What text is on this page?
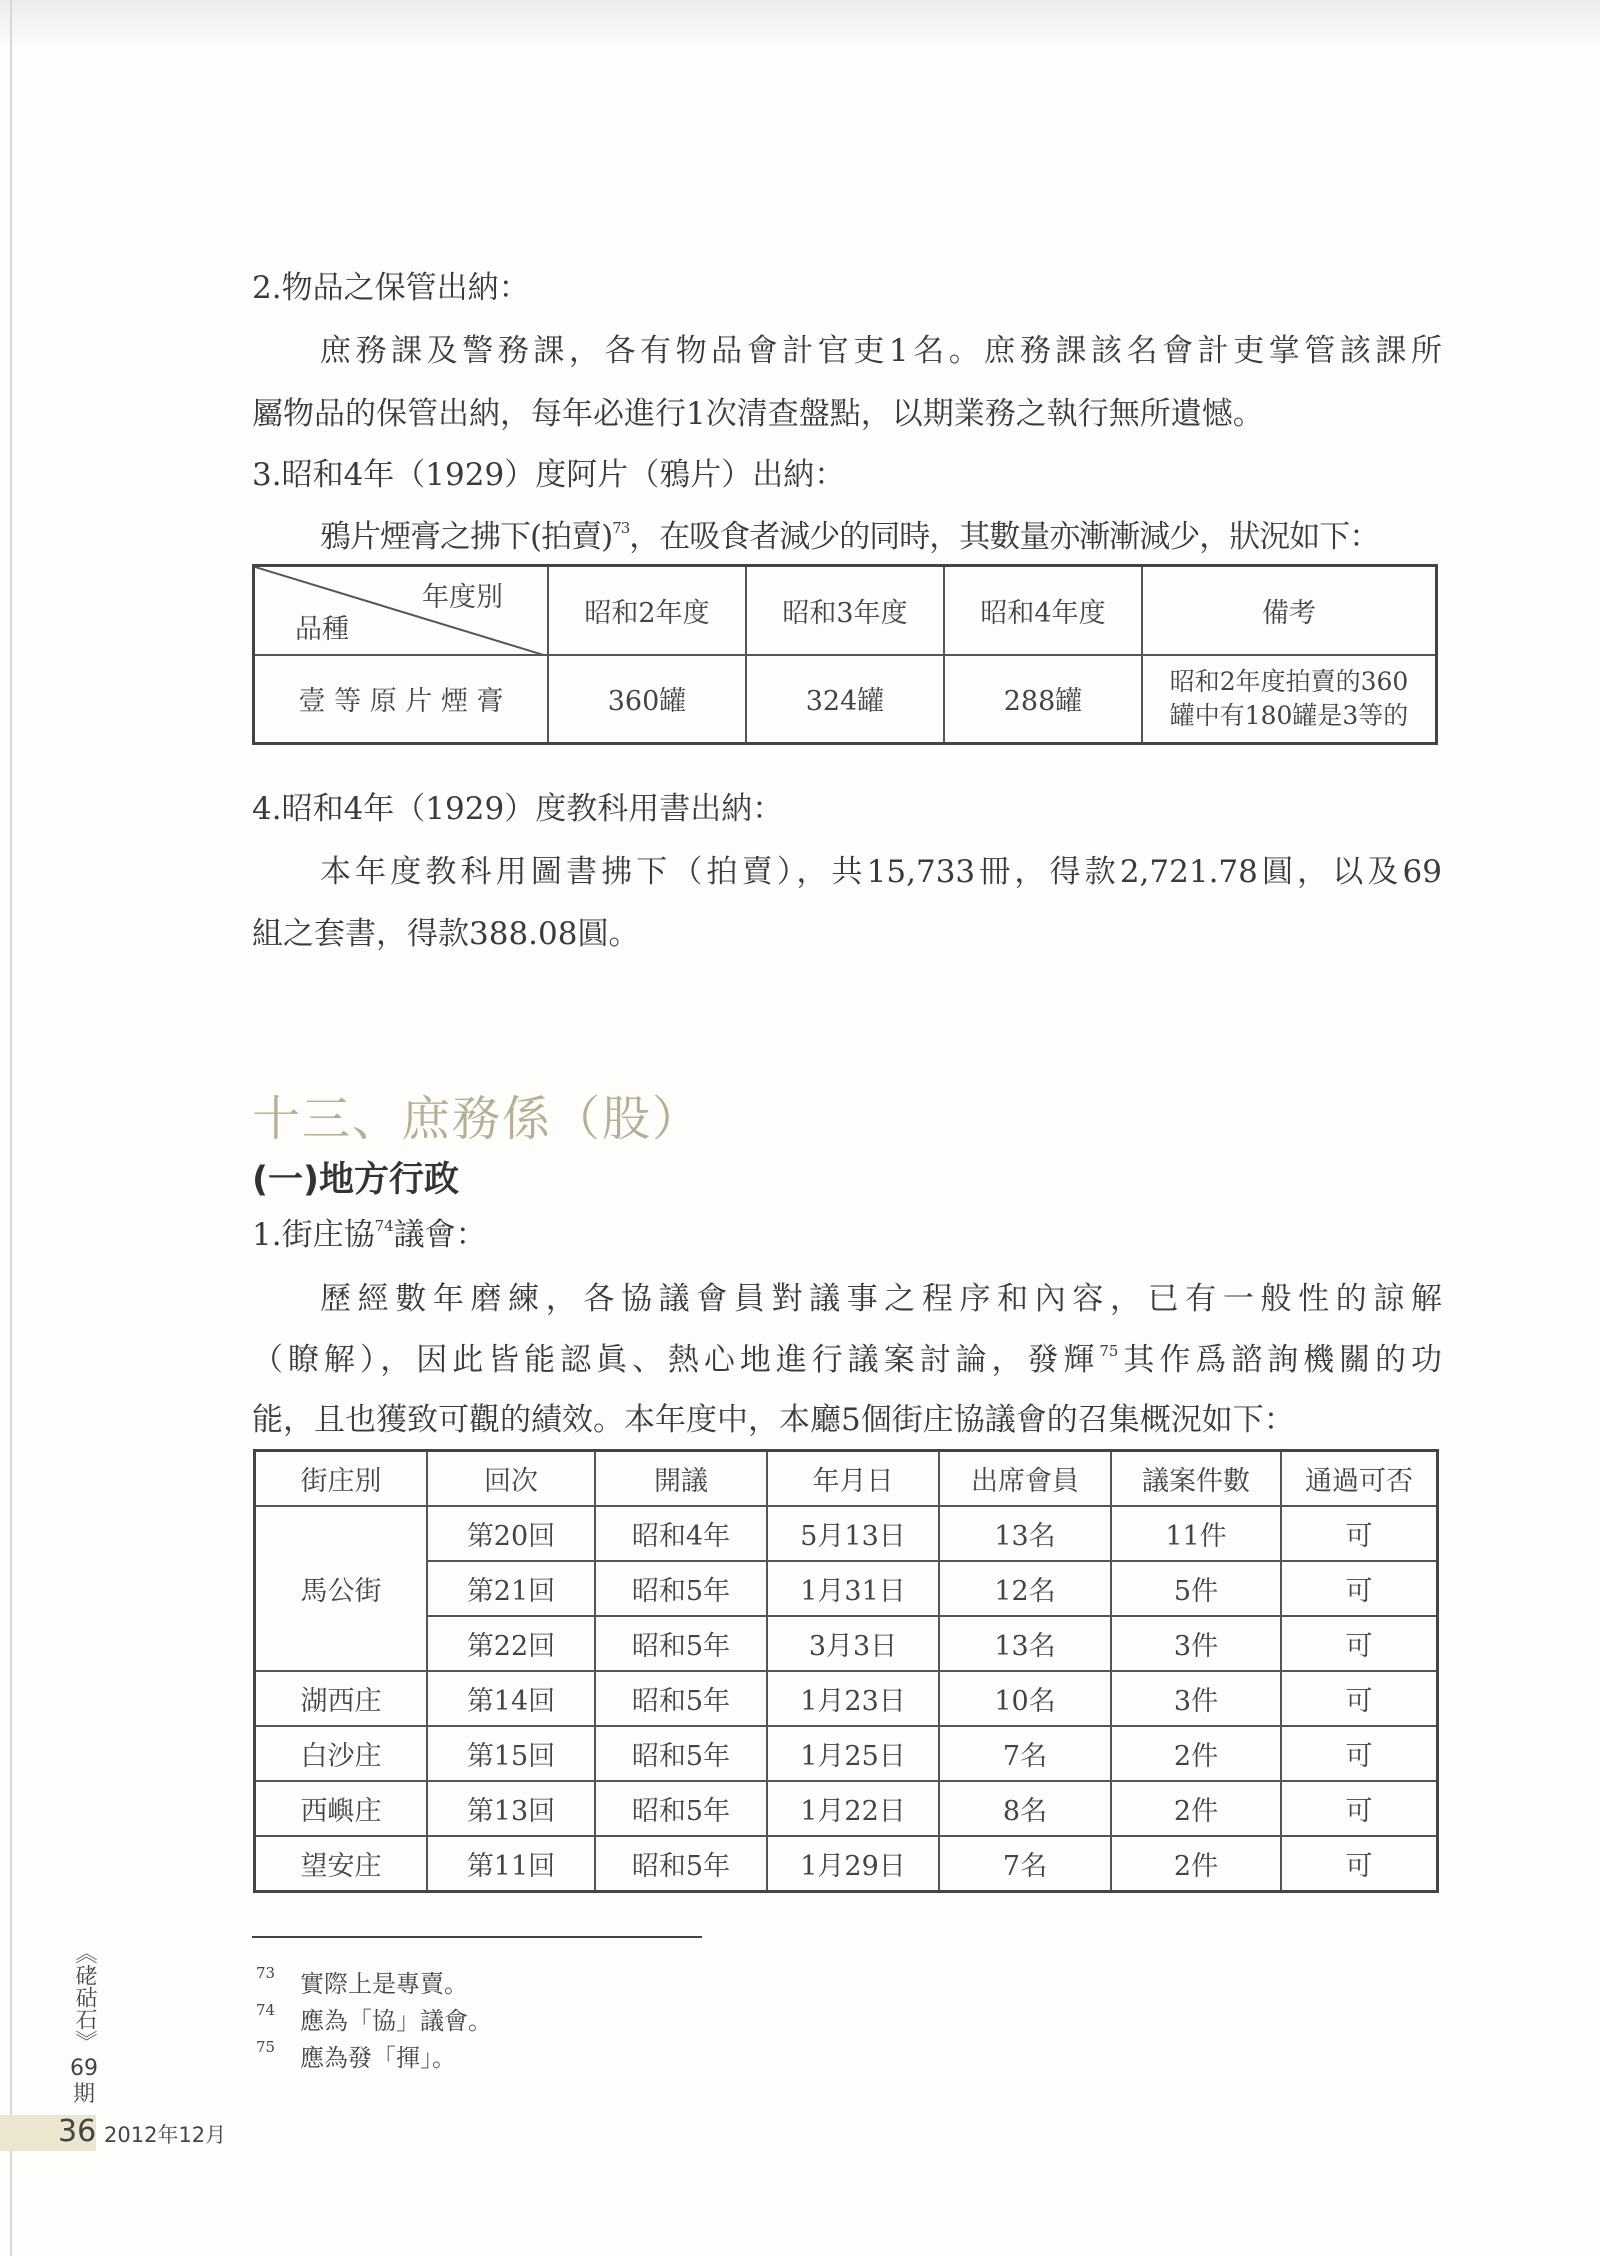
2.物品之保管出納：
庶務課及警務課，各有物品會計官吏1名。庶務課該名會計吏掌管該課所
屬物品的保管出納，每年必進行1次清查盤點，以期業務之執行無所遺憾。
3.昭和4年（1929）度阿片（鴉片）出納：
鴉片煙膏之拂下(拍賣)$^{73}$，在吸食者減少的同時，其數量亦漸漸減少，狀況如下：
年度別
品種	昭和2年度	昭和3年度	昭和4年度	備考
壹 等 原 片 煙 膏	360罐	324罐	288罐	昭和2年度拍賣的360
罐中有180罐是3等的
4.昭和4年（1929）度教科用書出納：
本年度教科用圖書拂下（拍賣），共15,733冊，得款2,721.78圓，以及69
組之套書，得款388.08圓。
十三、庶務係（股）
(一)地方行政
1.街庄協$^{74}$議會：
歷經數年磨練，各協議會員對議事之程序和內容，已有一般性的諒解
（瞭解），因此皆能認眞、熱心地進行議案討論，發輝$^{75}$其作爲諮詢機關的功
能，且也獲致可觀的績效。本年度中，本廳5個街庄協議會的召集概況如下：
街庄別	回次	開議	年月日	出席會員	議案件數	通過可否
馬公街	第20回	昭和4年	5月13日	13名	11件	可
	第21回	昭和5年	1月31日	12名	5件	可
	第22回	昭和5年	3月3日	13名	3件	可
湖西庄	第14回	昭和5年	1月23日	10名	3件	可
白沙庄	第15回	昭和5年	1月25日	7名	2件	可
西嶼庄	第13回	昭和5年	1月22日	8名	2件	可
望安庄	第11回	昭和5年	1月29日	7名	2件	可
73 實際上是專賣。
74 應為「協」議會。
75 應為發「揮」。
《硓𥑮石》
69期
36 2012年12月
